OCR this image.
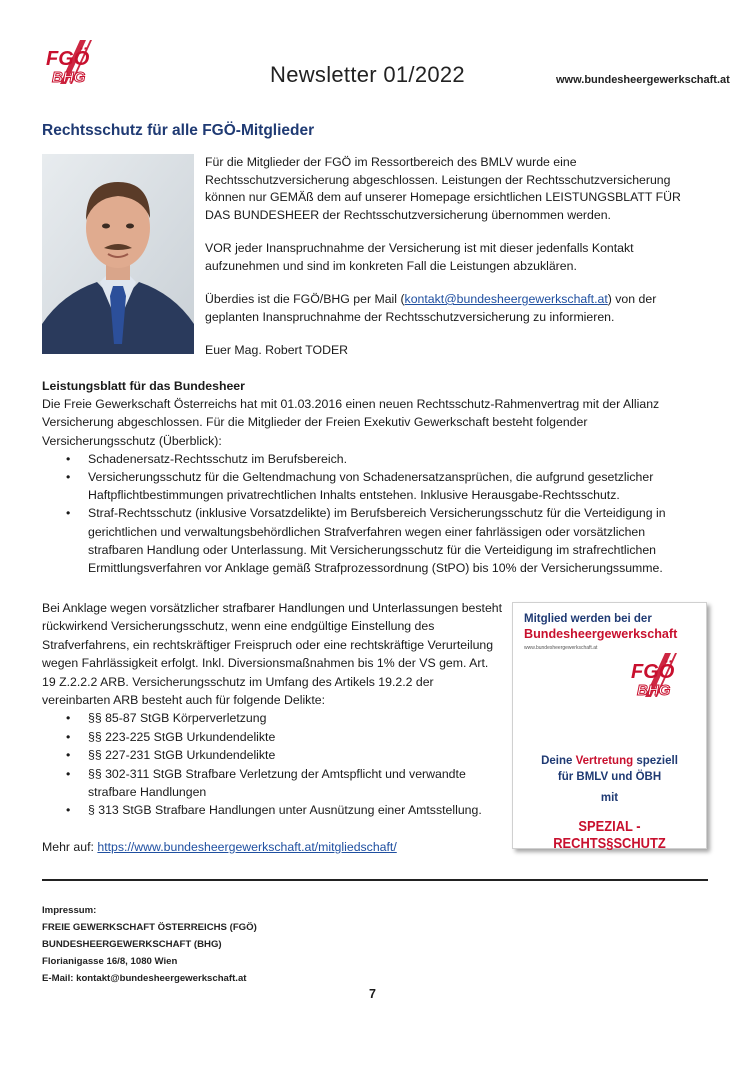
FGÖ
BHG	Newsletter 01/2022	www.bundesheergewerkschaft.at
Rechtsschutz für alle FGÖ-Mitglieder

Für die Mitglieder der FGÖ im Ressortbereich des BMLV wurde eine Rechtsschutzversicherung abgeschlossen. Leistungen der Rechtsschutzversicherung können nur GEMÄß dem auf unserer Homepage ersichtlichen LEISTUNGSBLATT FÜR DAS BUNDESHEER der Rechtsschutzversicherung übernommen werden.

VOR jeder Inanspruchnahme der Versicherung ist mit dieser jedenfalls Kontakt aufzunehmen und sind im konkreten Fall die Leistungen abzuklären.

Überdies ist die FGÖ/BHG per Mail (kontakt@bundesheergewerkschaft.at) von der geplanten Inanspruchnahme der Rechtsschutzversicherung zu informieren.

Euer Mag. Robert TODER

Leistungsblatt für das Bundesheer
Die Freie Gewerkschaft Österreichs hat mit 01.03.2016 einen neuen Rechtsschutz-Rahmenvertrag mit der Allianz Versicherung abgeschlossen. Für die Mitglieder der Freien Exekutiv Gewerkschaft besteht folgender Versicherungsschutz (Überblick):
• Schadenersatz-Rechtsschutz im Berufsbereich.
• Versicherungsschutz für die Geltendmachung von Schadenersatzansprüchen, die aufgrund gesetzlicher Haftpflichtbestimmungen privatrechtlichen Inhalts entstehen. Inklusive Herausgabe-Rechtsschutz.
• Straf-Rechtsschutz (inklusive Vorsatzdelikte) im Berufsbereich Versicherungsschutz für die Verteidigung in gerichtlichen und verwaltungsbehördlichen Strafverfahren wegen einer fahrlässigen oder vorsätzlichen strafbaren Handlung oder Unterlassung. Mit Versicherungsschutz für die Verteidigung im strafrechtlichen Ermittlungsverfahren vor Anklage gemäß Strafprozessordnung (StPO) bis 10% der Versicherungssumme.
Bei Anklage wegen vorsätzlicher strafbarer Handlungen und Unterlassungen besteht rückwirkend Versicherungsschutz, wenn eine endgültige Einstellung des Strafverfahrens, ein rechtskräftiger Freispruch oder eine rechtskräftige Verurteilung wegen Fahrlässigkeit erfolgt. Inkl. Diversionsmaßnahmen bis 1% der VS gem. Art. 19 Z.2.2.2 ARB. Versicherungsschutz im Umfang des Artikels 19.2.2 der vereinbarten ARB besteht auch für folgende Delikte:
• §§ 85-87 StGB Körperverletzung
• §§ 223-225 StGB Urkundendelikte
• §§ 227-231 StGB Urkundendelikte
• §§ 302-311 StGB Strafbare Verletzung der Amtspflicht und verwandte strafbare Handlungen
• § 313 StGB Strafbare Handlungen unter Ausnützung einer Amtsstellung.
Mehr auf: https://www.bundesheergewerkschaft.at/mitgliedschaft/
Mitglied werden bei der
Bundesheergewerkschaft
www.bundesheergewerkschaft.at
FGÖ
BHG
Deine Vertretung speziell
für BMLV und ÖBH
mit
SPEZIAL - RECHTS§SCHUTZ
Impressum:
FREIE GEWERKSCHAFT ÖSTERREICHS (FGÖ)
BUNDESHEERGEWERKSCHAFT (BHG)
Florianigasse 16/8, 1080 Wien
E-Mail: kontakt@bundesheergewerkschaft.at
7
